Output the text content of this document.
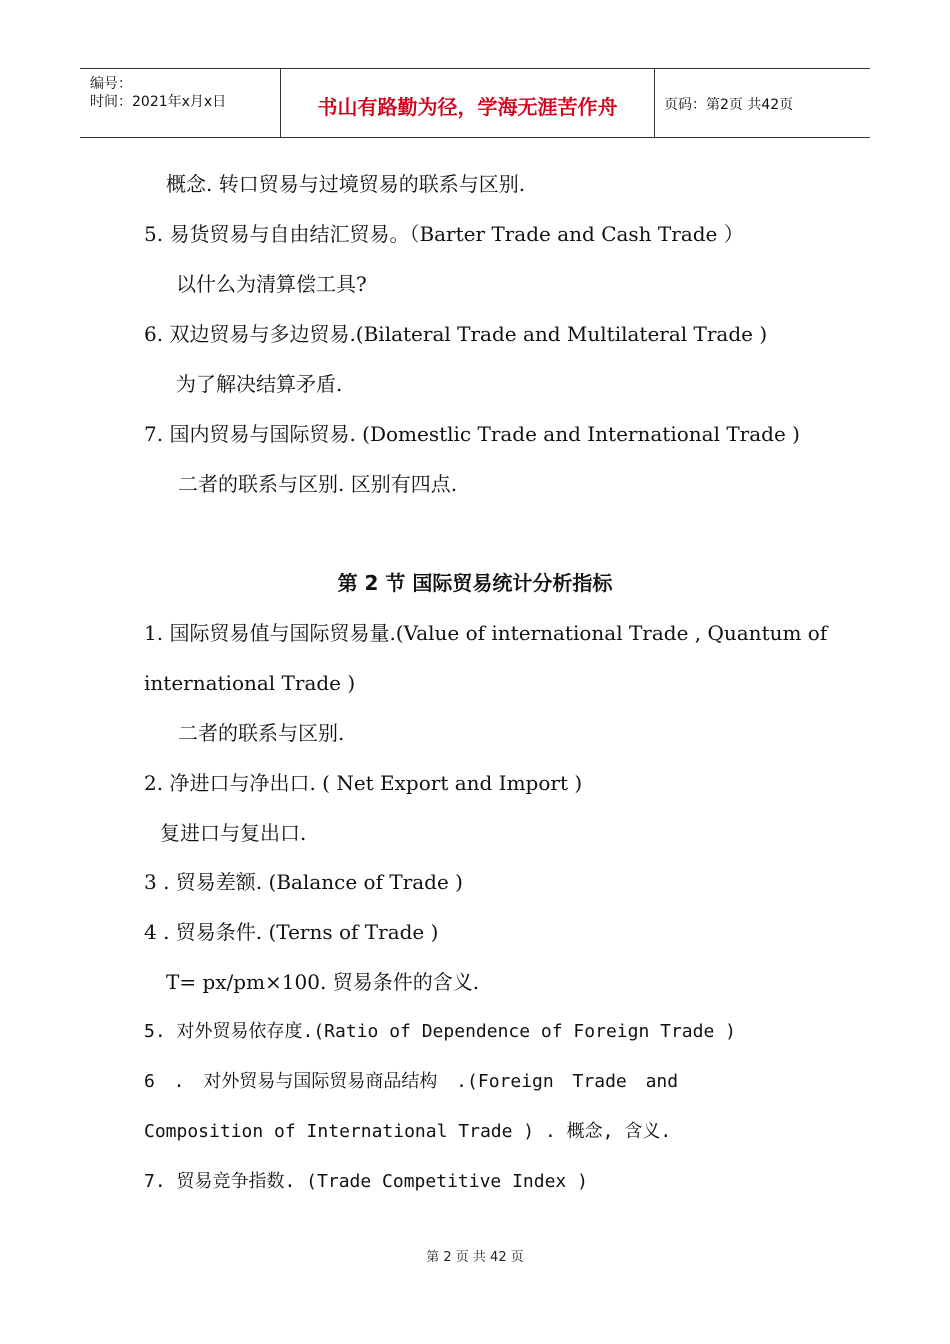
编号：
时间：2021年x月x日	书山有路勤为径，学海无涯苦作舟	页码：第2页 共42页
概念. 转口贸易与过境贸易的联系与区别.
5. 易货贸易与自由结汇贸易。（Barter Trade and Cash Trade ）
以什么为清算偿工具?
6. 双边贸易与多边贸易.(Bilateral Trade and Multilateral Trade )
为了解决结算矛盾.
7. 国内贸易与国际贸易. (Domestlic Trade and International Trade )
二者的联系与区别. 区别有四点.
第 2 节 国际贸易统计分析指标
1. 国际贸易值与国际贸易量.(Value of international Trade , Quantum of
international Trade )
二者的联系与区别.
2. 净进口与净出口. ( Net Export and Import )
复进口与复出口.
3 . 贸易差额. (Balance of Trade )
4 . 贸易条件. (Terns of Trade )
T= px/pm×100. 贸易条件的含义.
5. 对外贸易依存度.(Ratio of Dependence of Foreign Trade )
6 . 对外贸易与国际贸易商品结构 .(Foreign Trade and
Composition of International Trade ) . 概念, 含义.
7. 贸易竞争指数. (Trade Competitive Index )
第 2 页 共 42 页
